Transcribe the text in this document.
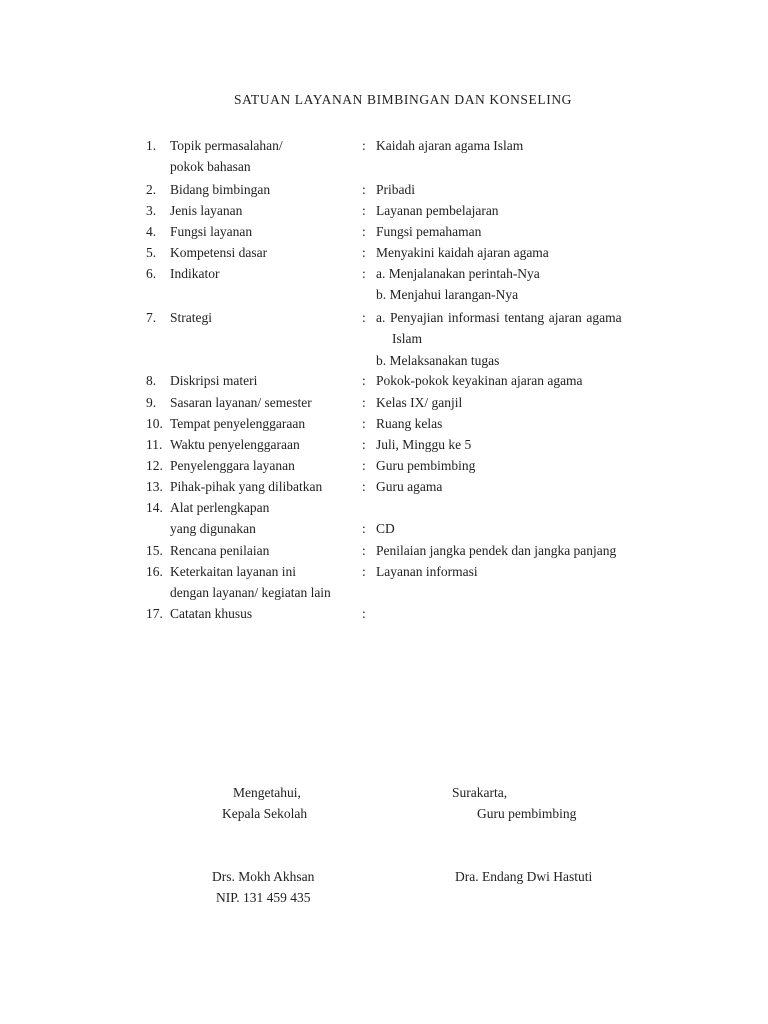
SATUAN LAYANAN BIMBINGAN DAN KONSELING
1. Topik permasalahan/	: Kaidah ajaran agama Islam
pokok bahasan
2. Bidang bimbingan	: Pribadi
3. Jenis layanan	: Layanan pembelajaran
4. Fungsi layanan	: Fungsi pemahaman
5. Kompetensi dasar	: Menyakini kaidah ajaran agama
6. Indikator	: a. Menjalanakan perintah-Nya
b. Menjahui larangan-Nya
7. Strategi	: a. Penyajian informasi tentang ajaran agama
Islam
b. Melaksanakan tugas
8. Diskripsi materi	: Pokok-pokok keyakinan ajaran agama
9. Sasaran layanan/ semester	: Kelas IX/ ganjil
10. Tempat penyelenggaraan	: Ruang kelas
11. Waktu penyelenggaraan	: Juli, Minggu ke 5
12. Penyelenggara layanan	: Guru pembimbing
13. Pihak-pihak yang dilibatkan	: Guru agama
14. Alat perlengkapan
yang digunakan	: CD
15. Rencana penilaian	: Penilaian jangka pendek dan jangka panjang
16. Keterkaitan layanan ini	: Layanan informasi
dengan layanan/ kegiatan lain
17. Catatan khusus	:
Mengetahui,
Kepala Sekolah
Drs. Mokh Akhsan
NIP. 131 459 435
Surakarta,
Guru pembimbing
Dra. Endang Dwi Hastuti
